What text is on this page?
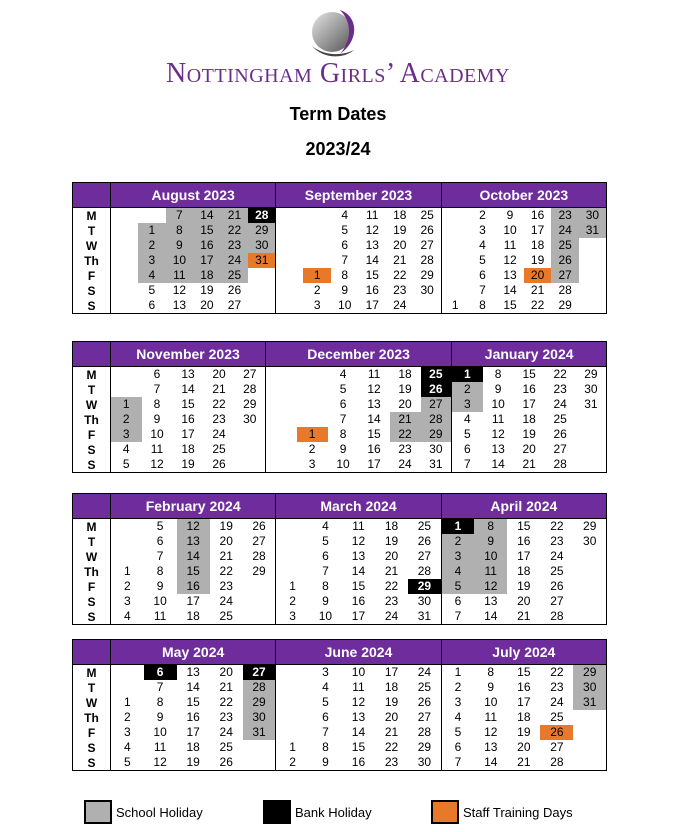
Nottingham Girls’ Academy
Term Dates
2023/24
	August 2023						September 2023						October 2023					
M			7	14	21	28			4	11	18	25		2	9	16	23	30
T		1	8	15	22	29			5	12	19	26		3	10	17	24	31
W		2	9	16	23	30			6	13	20	27		4	11	18	25	
Th		3	10	17	24	31			7	14	21	28		5	12	19	26	
F		4	11	18	25			1	8	15	22	29		6	13	20	27	
S		5	12	19	26			2	9	16	23	30		7	14	21	28	
S		6	13	20	27			3	10	17	24		1	8	15	22	29	
	November 2023					December 2023						January 2024				
M		6	13	20	27			4	11	18	25	1	8	15	22	29
T		7	14	21	28			5	12	19	26	2	9	16	23	30
W	1	8	15	22	29			6	13	20	27	3	10	17	24	31
Th	2	9	16	23	30			7	14	21	28	4	11	18	25	
F	3	10	17	24			1	8	15	22	29	5	12	19	26	
S	4	11	18	25			2	9	16	23	30	6	13	20	27	
S	5	12	19	26			3	10	17	24	31	7	14	21	28	
	February 2024					March 2024					April 2024				
M		5	12	19	26		4	11	18	25	1	8	15	22	29
T		6	13	20	27		5	12	19	26	2	9	16	23	30
W		7	14	21	28		6	13	20	27	3	10	17	24	
Th	1	8	15	22	29		7	14	21	28	4	11	18	25	
F	2	9	16	23		1	8	15	22	29	5	12	19	26	
S	3	10	17	24		2	9	16	23	30	6	13	20	27	
S	4	11	18	25		3	10	17	24	31	7	14	21	28	
	May 2024					June 2024					July 2024				
M		6	13	20	27		3	10	17	24	1	8	15	22	29
T		7	14	21	28		4	11	18	25	2	9	16	23	30
W	1	8	15	22	29		5	12	19	26	3	10	17	24	31
Th	2	9	16	23	30		6	13	20	27	4	11	18	25	
F	3	10	17	24	31		7	14	21	28	5	12	19	26	
S	4	11	18	25		1	8	15	22	29	6	13	20	27	
S	5	12	19	26		2	9	16	23	30	7	14	21	28	
School Holiday	Bank Holiday	Staff Training Days
